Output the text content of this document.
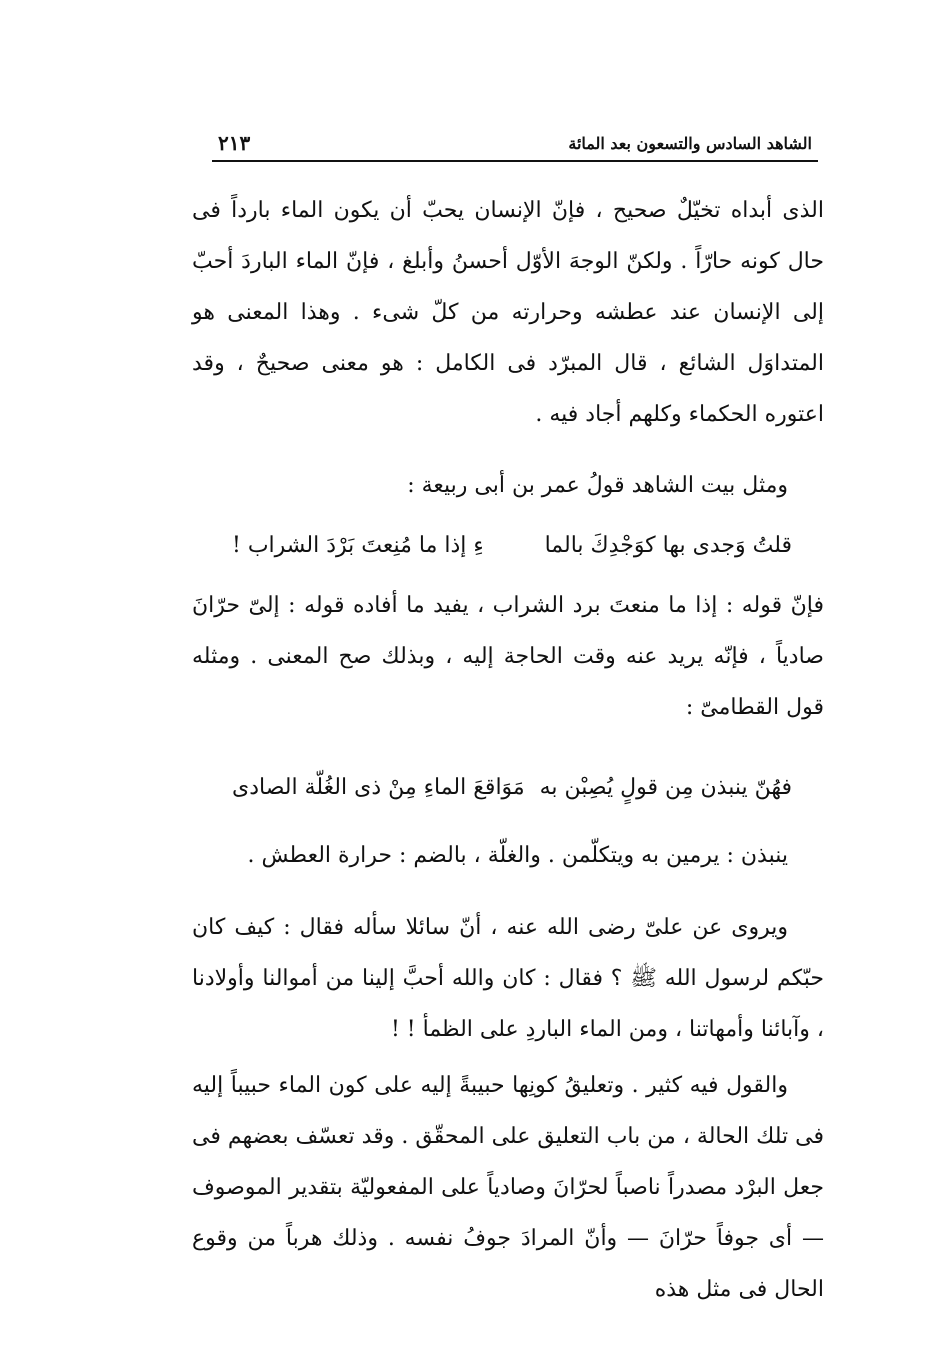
الشاهد السادس والتسعون بعد المائة
٢١٣

الذى أبداه تخيّلٌ صحيح ، فإنّ الإنسان يحبّ أن يكون الماء بارداً فى حال كونه حارّاً . ولكنّ الوجهَ الأوّل أحسنُ وأبلغ ، فإنّ الماء الباردَ أحبّ إلى الإنسان عند عطشه وحرارته من كلّ شىء . وهذا المعنى هو المتداوَل الشائع ، قال المبرّد فى الكامل : هو معنى صحيحٌ ، وقد اعتوره الحكماء وكلهم أجاد فيه .

ومثل بيت الشاهد قولُ عمر بن أبى ربيعة :

قلتُ وَجدى بها كوَجْدِكَ بالما
ءِ إذا ما مُنِعتَ بَرْدَ الشراب !

فإنّ قوله : إذا ما منعتَ برد الشراب ، يفيد ما أفاده قوله : إلىّ حرّانَ صادياً ، فإنّه يريد عنه وقت الحاجة إليه ، وبذلك صح المعنى . ومثله قول القطامىّ :

فهُنّ ينبذن مِن قولٍ يُصِبْن به
مَوَاقعَ الماءِ مِنْ ذى الغُلّة الصادى

ينبذن : يرمين به ويتكلّمن . والغلّة ، بالضم : حرارة العطش .

ويروى عن علىّ رضى الله عنه ، أنّ سائلا سأله فقال : كيف كان حبّكم لرسول الله ﷺ ؟ فقال : كان والله أحبَّ إلينا من أموالنا وأولادنا ، وآبائنا وأمهاتنا ، ومن الماء الباردِ على الظمأ ! !

والقول فيه كثير . وتعليقُ كونِها حبيبةً إليه على كون الماء حبيباً إليه فى تلك الحالة ، من باب التعليق على المحقّق . وقد تعسّف بعضهم فى جعل البرْد مصدراً ناصباً لحرّانَ وصادياً على المفعوليّة بتقدير الموصوف — أى جوفاً حرّانَ — وأنّ المرادَ جوفُ نفسه . وذلك هرباً من وقوع الحال فى مثل هذه
